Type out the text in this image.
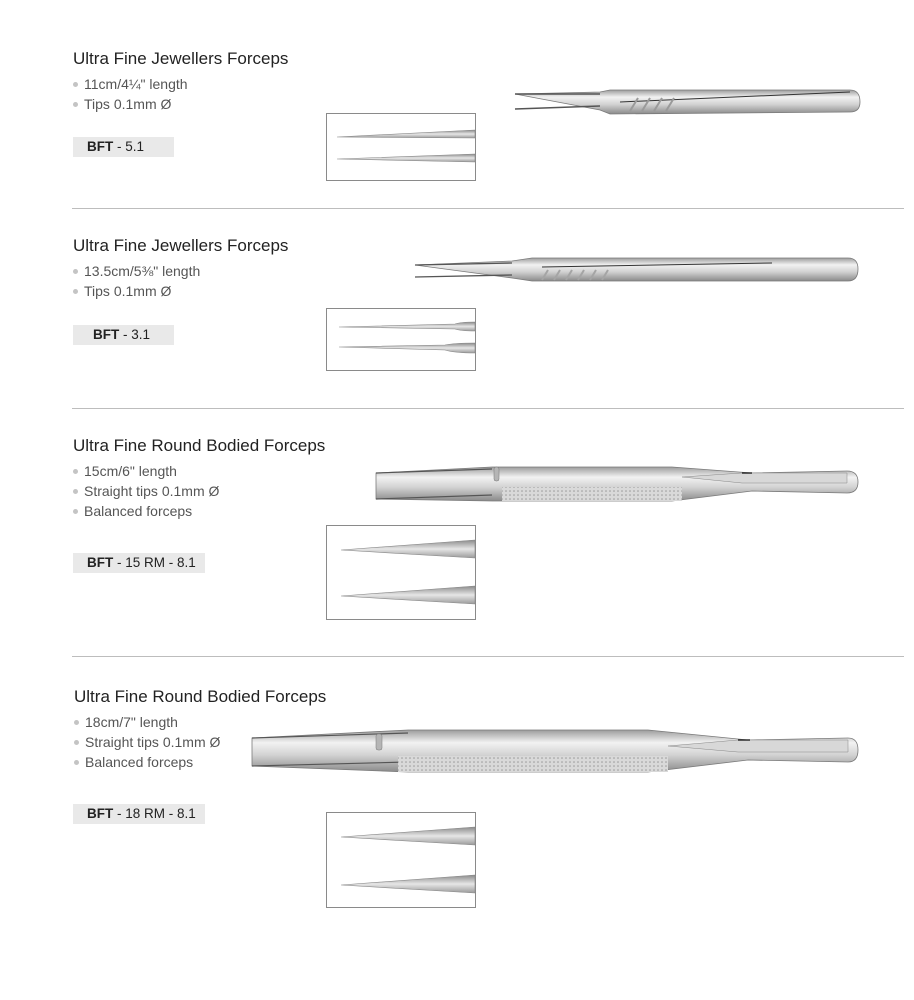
Ultra Fine Jewellers Forceps
11cm/4¼" length
Tips 0.1mm Ø
BFT - 5.1
Ultra Fine Jewellers Forceps
13.5cm/5⅜" length
Tips 0.1mm Ø
BFT - 3.1
Ultra Fine Round Bodied Forceps
15cm/6" length
Straight tips 0.1mm Ø
Balanced forceps
BFT - 15 RM - 8.1
Ultra Fine Round Bodied Forceps
18cm/7" length
Straight tips 0.1mm Ø
Balanced forceps
BFT - 18 RM - 8.1
